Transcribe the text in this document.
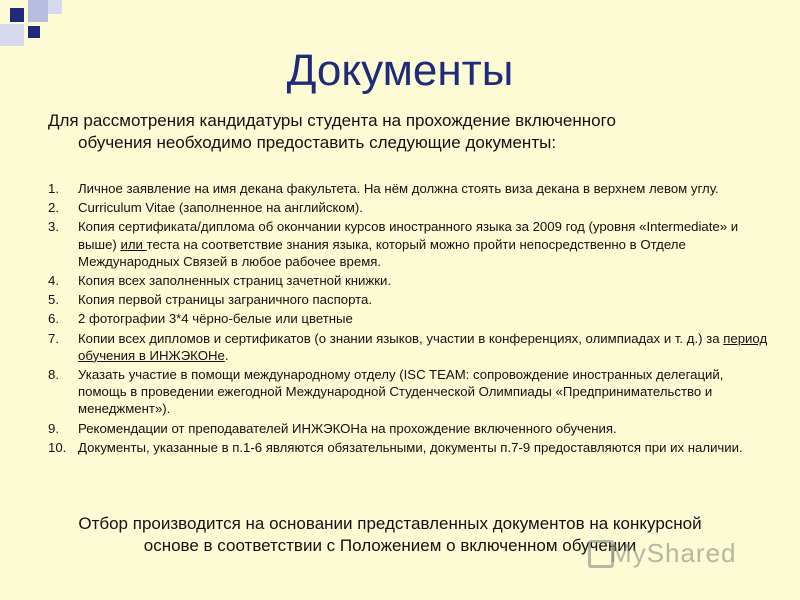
Документы

Для рассмотрения кандидатуры студента на прохождение включенного
обучения необходимо предоставить следующие документы:

1. Личное заявление на имя декана факультета. На нём должна стоять виза декана в верхнем левом углу.
2. Curriculum Vitae (заполненное на английском).
3. Копия сертификата/диплома об окончании курсов иностранного языка за 2009 год (уровня «Intermediate» и выше) или теста на соответствие знания языка, который можно пройти непосредственно в Отделе Международных Связей в любое рабочее время.
4. Копия всех заполненных страниц зачетной книжки.
5. Копия первой страницы заграничного паспорта.
6. 2 фотографии 3*4 чёрно-белые или цветные
7. Копии всех дипломов и сертификатов (о знании языков, участии в конференциях, олимпиадах и т. д.) за период обучения в ИНЖЭКОНе.
8. Указать участие в помощи международному отделу (ISC TEAM: сопровождение иностранных делегаций, помощь в проведении ежегодной Международной Студенческой Олимпиады «Предпринимательство и менеджмент»).
9. Рекомендации от преподавателей ИНЖЭКОНа на прохождение включенного обучения.
10. Документы, указанные в п.1-6 являются обязательными, документы п.7-9 предоставляются при их наличии.

Отбор производится на основании представленных документов на конкурсной основе в соответствии с Положением о включенном обучении

MyShared
